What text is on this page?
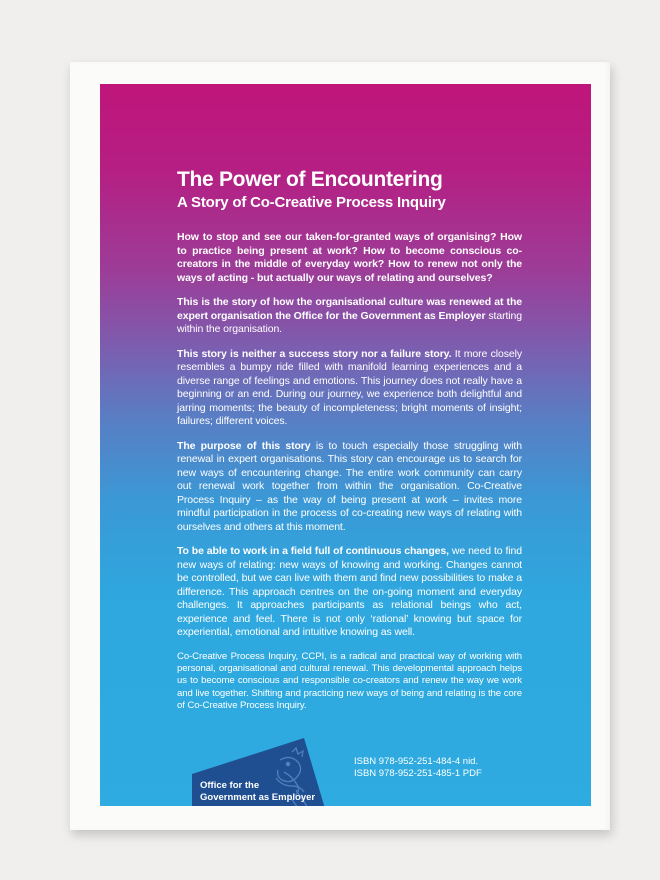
The Power of Encountering
A Story of Co-Creative Process Inquiry

How to stop and see our taken-for-granted ways of organising? How to practice being present at work? How to become conscious co-creators in the middle of everyday work? How to renew not only the ways of acting - but actually our ways of relating and ourselves?

This is the story of how the organisational culture was renewed at the expert organisation the Office for the Government as Employer starting within the organisation.

This story is neither a success story nor a failure story. It more closely resembles a bumpy ride filled with manifold learning experiences and a diverse range of feelings and emotions. This journey does not really have a beginning or an end. During our journey, we experience both delightful and jarring moments; the beauty of incompleteness; bright moments of insight; failures; different voices.

The purpose of this story is to touch especially those struggling with renewal in expert organisations. This story can encourage us to search for new ways of encountering change. The entire work community can carry out renewal work together from within the organisation. Co-Creative Process Inquiry – as the way of being present at work – invites more mindful participation in the process of co-creating new ways of relating with ourselves and others at this moment.

To be able to work in a field full of continuous changes, we need to find new ways of relating: new ways of knowing and working. Changes cannot be controlled, but we can live with them and find new possibilities to make a difference. This approach centres on the on-going moment and everyday challenges. It approaches participants as relational beings who act, experience and feel. There is not only ‘rational’ knowing but space for experiential, emotional and intuitive knowing as well.

Co-Creative Process Inquiry, CCPI, is a radical and practical way of working with personal, organisational and cultural renewal. This developmental approach helps us to become conscious and responsible co-creators and renew the way we work and live together. Shifting and practicing new ways of being and relating is the core of Co-Creative Process Inquiry.

Office for the
Government as Employer
ISBN 978-952-251-484-4 nid.
ISBN 978-952-251-485-1 PDF
